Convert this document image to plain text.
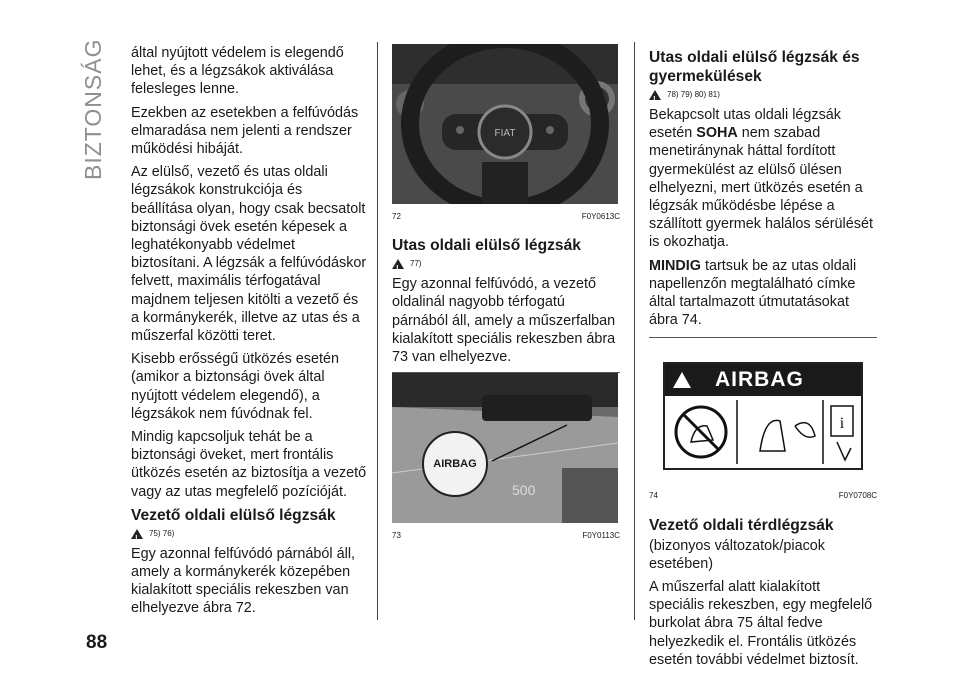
BIZTONSÁG
88

által nyújtott védelem is elegendő lehet, és a légzsákok aktiválása felesleges lenne.

Ezekben az esetekben a felfúvódás elmaradása nem jelenti a rendszer működési hibáját.

Az elülső, vezető és utas oldali légzsákok konstrukciója és beállítása olyan, hogy csak becsatolt biztonsági övek esetén képesek a leghatékonyabb védelmet biztosítani. A légzsák a felfúvódáskor felvett, maximális térfogatával majdnem teljesen kitölti a vezető és a kormánykerék, illetve az utas és a műszerfal közötti teret.

Kisebb erősségű ütközés esetén (amikor a biztonsági övek által nyújtott védelem elegendő), a légzsákok nem fúvódnak fel.

Mindig kapcsoljuk tehát be a biztonsági öveket, mert frontális ütközés esetén az biztosítja a vezető vagy az utas megfelelő pozícióját.

Vezető oldali elülső légzsák
!
75) 76)

Egy azonnal felfúvódó párnából áll, amely a kormánykerék közepében kialakított speciális rekeszben van elhelyezve ábra 72.

FIAT
72	F0Y0613C
Utas oldali elülső légzsák
!
77)

Egy azonnal felfúvódó, a vezető oldalinál nagyobb térfogatú párnából áll, amely a műszerfalban kialakított speciális rekeszben ábra 73 van elhelyezve.

500
AIRBAG
73	F0Y0113C
Utas oldali elülső légzsák és gyermekülések
!
78) 79) 80) 81)

Bekapcsolt utas oldali légzsák esetén SOHA nem szabad menetiránynak háttal fordított gyermekülést az elülső ülésen elhelyezni, mert ütközés esetén a légzsák működésbe lépése a szállított gyermek halálos sérülését is okozhatja.

MINDIG tartsuk be az utas oldali napellenzőn megtalálható címke által tartalmazott útmutatásokat ábra 74.

AIRBAG
i
74	F0Y0708C
Vezető oldali térdlégzsák

(bizonyos változatok/piacok esetében)

A műszerfal alatt kialakított speciális rekeszben, egy megfelelő burkolat ábra 75 által fedve helyezkedik el. Frontális ütközés esetén további védelmet biztosít.
